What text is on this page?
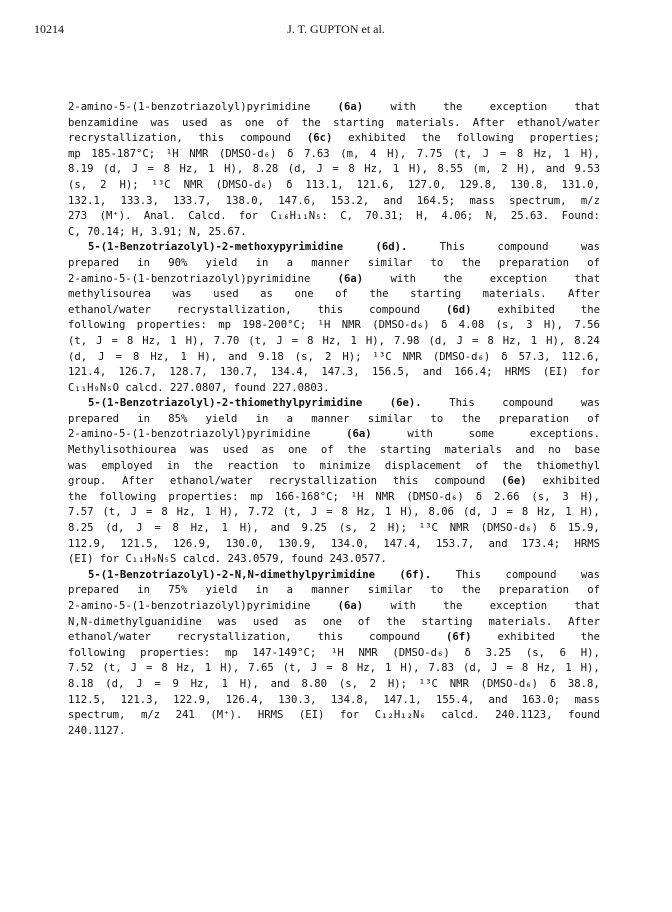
10214	J. T. GUPTON et al.
2-amino-5-(1-benzotriazolyl)pyrimidine	(6a)	with	the	exception	that
benzamidine was used as one of the starting materials. After ethanol/water
recrystallization, this compound (6c) exhibited the following properties;
mp 185-187°C; ¹H NMR (DMSO-d₆) δ 7.63 (m, 4 H), 7.75 (t, J = 8 Hz, 1 H),
8.19 (d, J = 8 Hz, 1 H), 8.28 (d, J = 8 Hz, 1 H), 8.55 (m, 2 H), and 9.53
(s, 2 H); ¹³C NMR (DMSO-d₆) δ 113.1, 121.6, 127.0, 129.8, 130.8, 131.0,
132.1, 133.3, 133.7, 138.0, 147.6, 153.2, and 164.5; mass spectrum, m/z
273 (M⁺). Anal. Calcd. for C₁₆H₁₁N₅: C, 70.31; H, 4.06; N, 25.63. Found:
C, 70.14; H, 3.91; N, 25.67.
5-(1-Benzotriazolyl)-2-methoxypyrimidine	(6d).	This	compound	was
prepared in 90% yield in a manner similar to the preparation of
2-amino-5-(1-benzotriazolyl)pyrimidine	(6a)	with	the	exception	that
methylisourea was used as one of the starting materials. After
ethanol/water recrystallization, this compound (6d) exhibited the
following properties: mp 198-200°C; ¹H NMR (DMSO-d₆) δ 4.08 (s, 3 H), 7.56
(t, J = 8 Hz, 1 H), 7.70 (t, J = 8 Hz, 1 H), 7.98 (d, J = 8 Hz, 1 H), 8.24
(d, J = 8 Hz, 1 H), and 9.18 (s, 2 H); ¹³C NMR (DMSO-d₆) δ 57.3, 112.6,
121.4, 126.7, 128.7, 130.7, 134.4, 147.3, 156.5, and 166.4; HRMS (EI) for
C₁₁H₉N₅O calcd. 227.0807, found 227.0803.
5-(1-Benzotriazolyl)-2-thiomethylpyrimidine	(6e).	This	compound	was
prepared in 85% yield in a manner similar to the preparation of
2-amino-5-(1-benzotriazolyl)pyrimidine	(6a)	with	some	exceptions.
Methylisothiourea was used as one of the starting materials and no base
was employed in the reaction to minimize displacement of the thiomethyl
group. After ethanol/water recrystallization this compound (6e) exhibited
the following properties: mp 166-168°C; ¹H NMR (DMSO-d₆) δ 2.66 (s, 3 H),
7.57 (t, J = 8 Hz, 1 H), 7.72 (t, J = 8 Hz, 1 H), 8.06 (d, J = 8 Hz, 1 H),
8.25 (d, J = 8 Hz, 1 H), and 9.25 (s, 2 H); ¹³C NMR (DMSO-d₆) δ 15.9,
112.9, 121.5, 126.9, 130.0, 130.9, 134.0, 147.4, 153.7, and 173.4; HRMS
(EI) for C₁₁H₉N₅S calcd. 243.0579, found 243.0577.
5-(1-Benzotriazolyl)-2-N,N-dimethylpyrimidine (6f). This compound was
prepared in 75% yield in a manner similar to the preparation of
2-amino-5-(1-benzotriazolyl)pyrimidine	(6a)	with	the	exception	that
N,N-dimethylguanidine was used as one of the starting materials. After
ethanol/water recrystallization, this compound (6f) exhibited the
following properties: mp 147-149°C; ¹H NMR (DMSO-d₆) δ 3.25 (s, 6 H),
7.52 (t, J = 8 Hz, 1 H), 7.65 (t, J = 8 Hz, 1 H), 7.83 (d, J = 8 Hz, 1 H),
8.18 (d, J = 9 Hz, 1 H), and 8.80 (s, 2 H); ¹³C NMR (DMSO-d₆) δ 38.8,
112.5, 121.3, 122.9, 126.4, 130.3, 134.8, 147.1, 155.4, and 163.0; mass
spectrum, m/z 241 (M⁺). HRMS (EI) for C₁₂H₁₂N₆ calcd. 240.1123, found
240.1127.
